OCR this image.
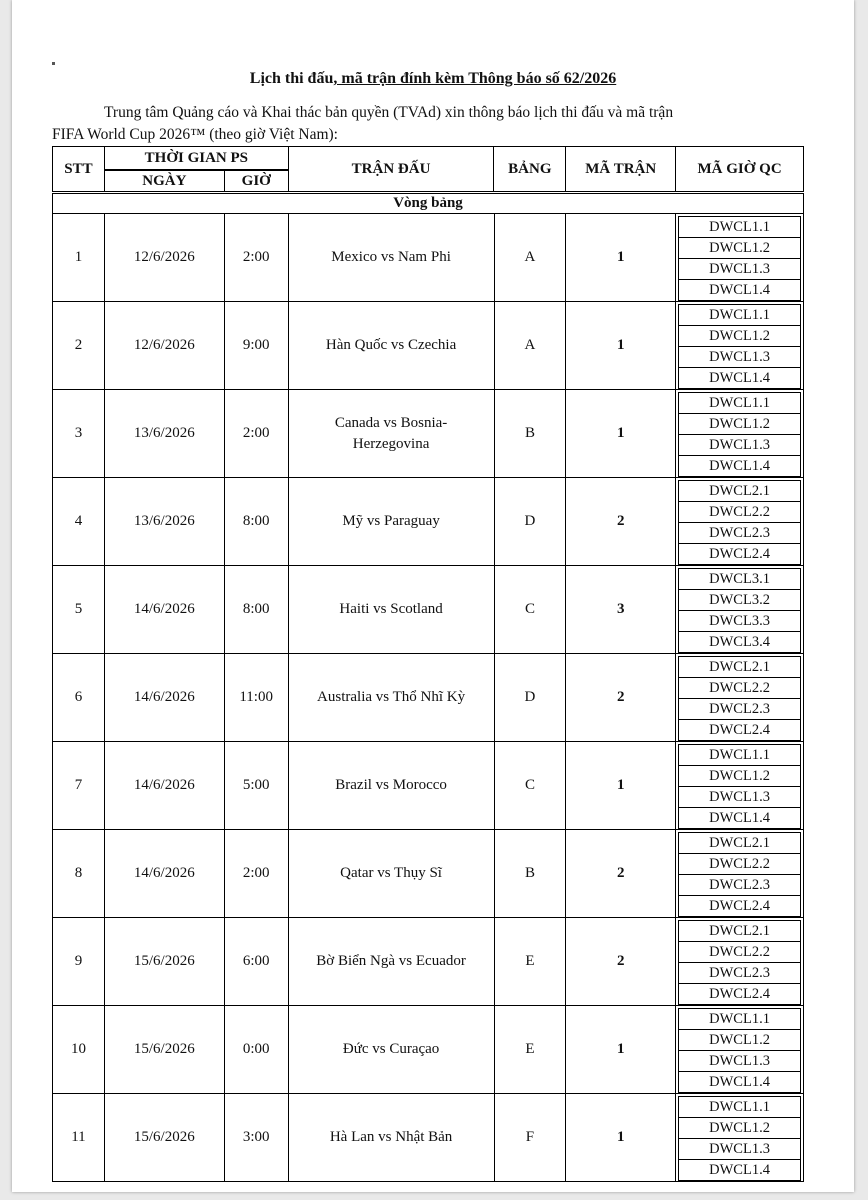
Lịch thi đấu, mã trận đính kèm Thông báo số 62/2026
Trung tâm Quảng cáo và Khai thác bản quyền (TVAd) xin thông báo lịch thi đấu và mã trận
FIFA World Cup 2026™ (theo giờ Việt Nam):
STT	THỜI GIAN PS		TRẬN ĐẤU	BẢNG	MÃ TRẬN	MÃ GIỜ QC
	NGÀY	GIỜ				
Vòng bảng
1	12/6/2026	2:00	Mexico vs Nam Phi	A	1	
DWCL1.1
DWCL1.2
DWCL1.3
DWCL1.4

2	12/6/2026	9:00	Hàn Quốc vs Czechia	A	1	
DWCL1.1
DWCL1.2
DWCL1.3
DWCL1.4

3	13/6/2026	2:00	Canada vs Bosnia-Herzegovina	B	1	
DWCL1.1
DWCL1.2
DWCL1.3
DWCL1.4

4	13/6/2026	8:00	Mỹ vs Paraguay	D	2	
DWCL2.1
DWCL2.2
DWCL2.3
DWCL2.4

5	14/6/2026	8:00	Haiti vs Scotland	C	3	
DWCL3.1
DWCL3.2
DWCL3.3
DWCL3.4

6	14/6/2026	11:00	Australia vs Thổ Nhĩ Kỳ	D	2	
DWCL2.1
DWCL2.2
DWCL2.3
DWCL2.4

7	14/6/2026	5:00	Brazil vs Morocco	C	1	
DWCL1.1
DWCL1.2
DWCL1.3
DWCL1.4

8	14/6/2026	2:00	Qatar vs Thụy Sĩ	B	2	
DWCL2.1
DWCL2.2
DWCL2.3
DWCL2.4

9	15/6/2026	6:00	Bờ Biển Ngà vs Ecuador	E	2	
DWCL2.1
DWCL2.2
DWCL2.3
DWCL2.4

10	15/6/2026	0:00	Đức vs Curaçao	E	1	
DWCL1.1
DWCL1.2
DWCL1.3
DWCL1.4

11	15/6/2026	3:00	Hà Lan vs Nhật Bản	F	1	
DWCL1.1
DWCL1.2
DWCL1.3
DWCL1.4
